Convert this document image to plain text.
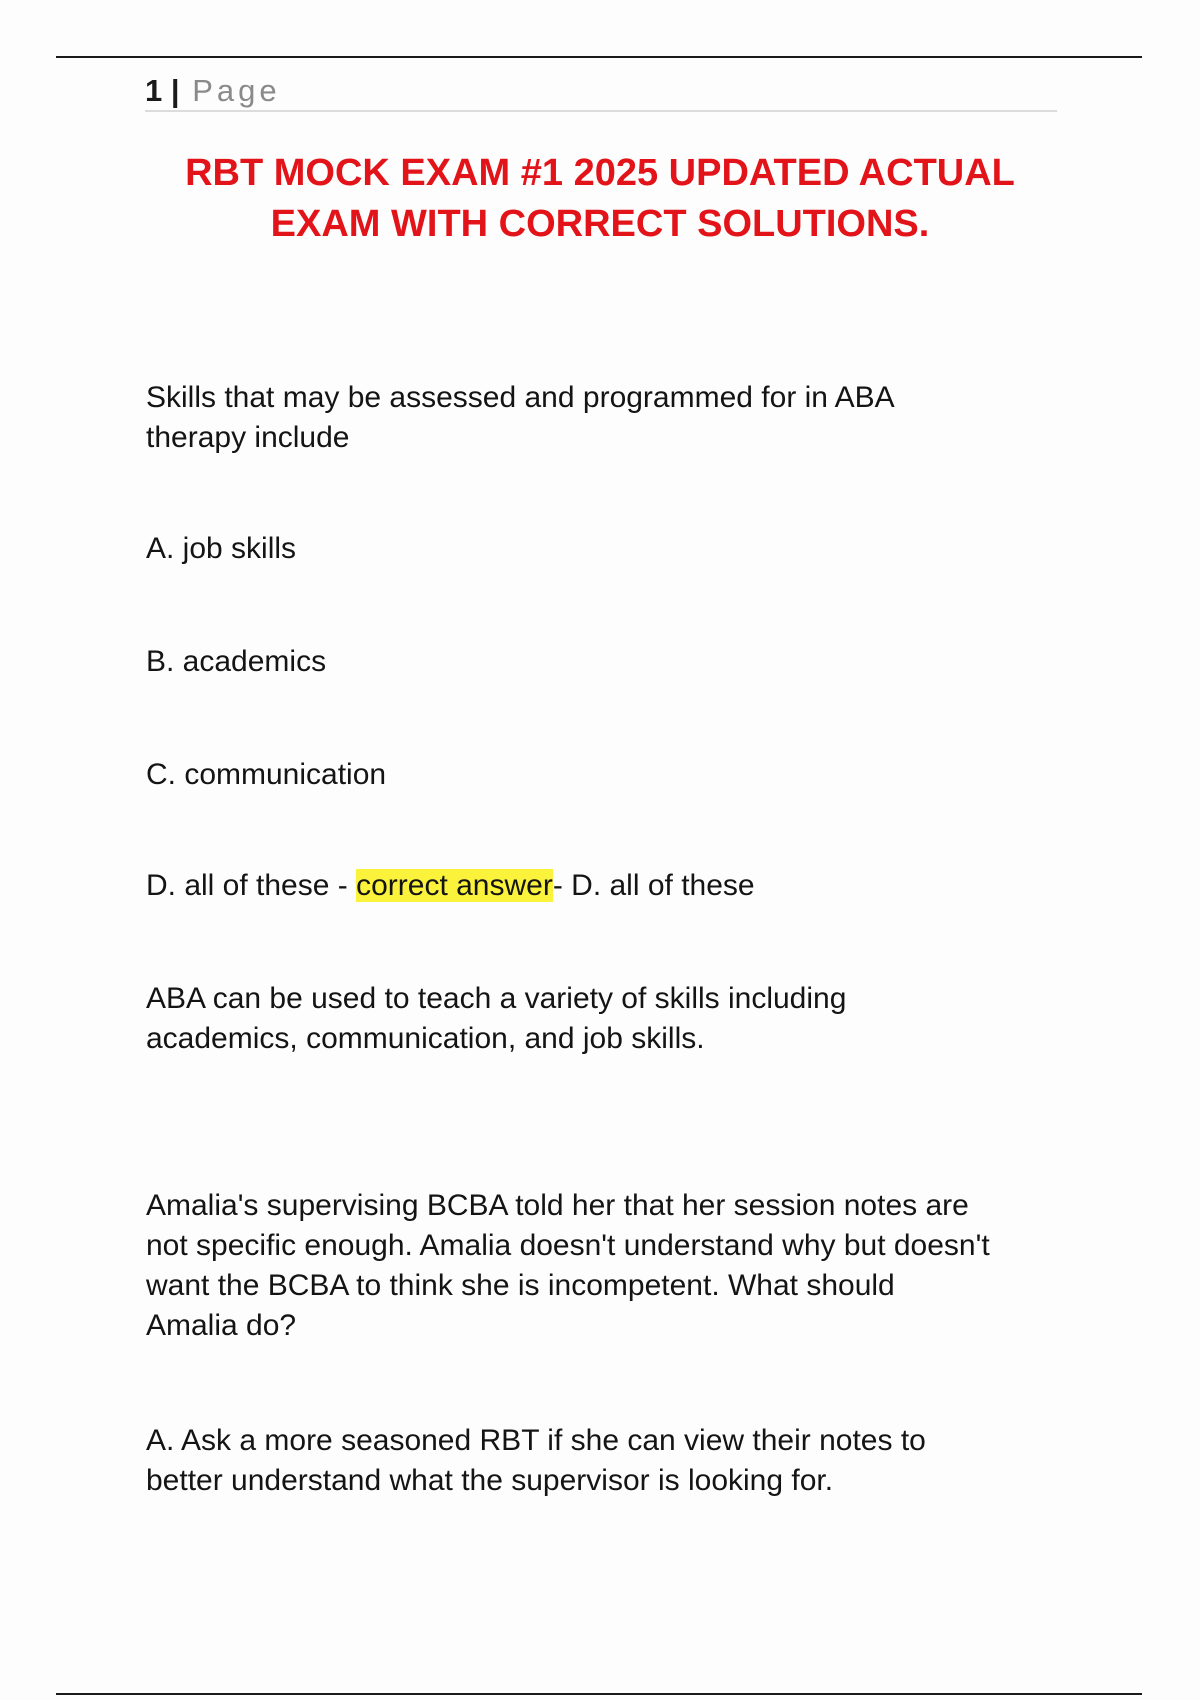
1 | Page
RBT MOCK EXAM #1 2025 UPDATED ACTUAL
EXAM WITH CORRECT SOLUTIONS.

Skills that may be assessed and programmed for in ABA
therapy include

A. job skills

B. academics

C. communication

D. all of these - correct answer- D. all of these

ABA can be used to teach a variety of skills including
academics, communication, and job skills.

Amalia's supervising BCBA told her that her session notes are
not specific enough. Amalia doesn't understand why but doesn't
want the BCBA to think she is incompetent. What should
Amalia do?

A. Ask a more seasoned RBT if she can view their notes to
better understand what the supervisor is looking for.
